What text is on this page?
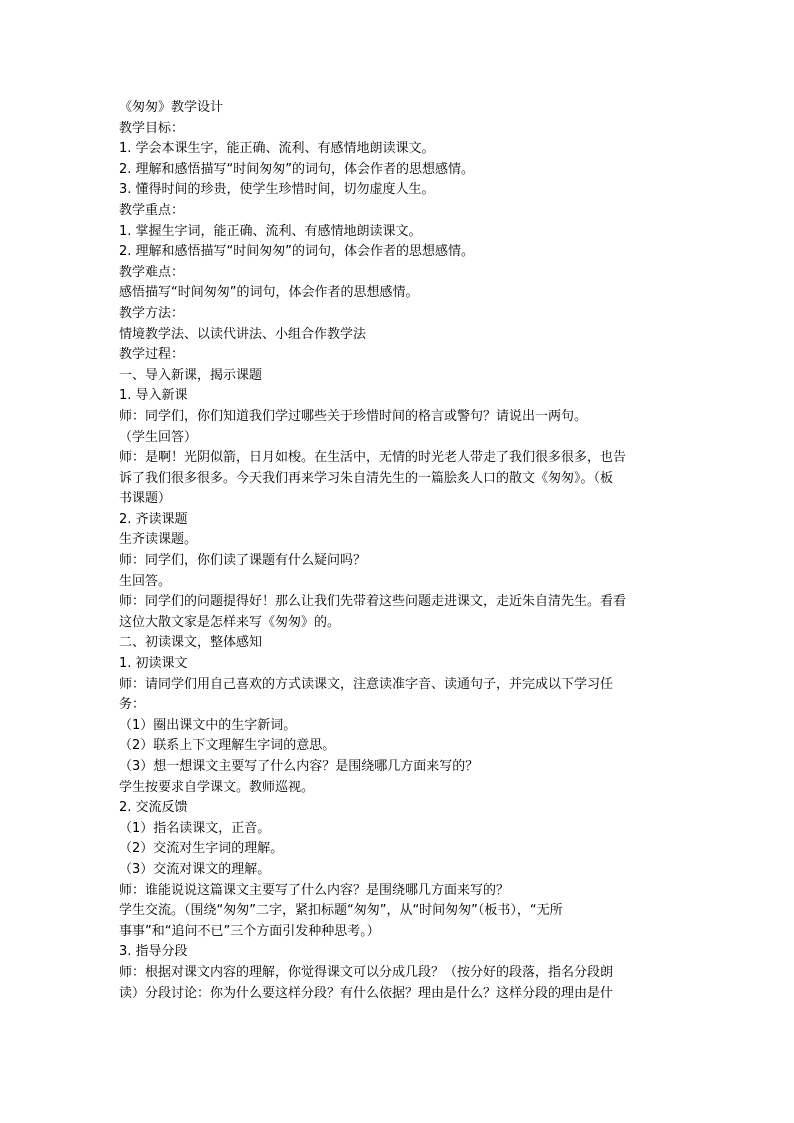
《匆匆》教学设计

教学目标：

1. 学会本课生字，能正确、流利、有感情地朗读课文。

2. 理解和感悟描写“时间匆匆”的词句，体会作者的思想感情。

3. 懂得时间的珍贵，使学生珍惜时间，切勿虚度人生。

教学重点：

1. 掌握生字词，能正确、流利、有感情地朗读课文。

2. 理解和感悟描写“时间匆匆”的词句，体会作者的思想感情。

教学难点：

感悟描写“时间匆匆”的词句，体会作者的思想感情。

教学方法：

情境教学法、以读代讲法、小组合作教学法

教学过程：

一、导入新课，揭示课题

1. 导入新课

师：同学们，你们知道我们学过哪些关于珍惜时间的格言或警句？请说出一两句。

（学生回答）

师：是啊！光阴似箭，日月如梭。在生活中，无情的时光老人带走了我们很多很多，也告

诉了我们很多很多。今天我们再来学习朱自清先生的一篇脍炙人口的散文《匆匆》。（板

书课题）

2. 齐读课题

生齐读课题。

师：同学们，你们读了课题有什么疑问吗？

生回答。

师：同学们的问题提得好！那么让我们先带着这些问题走进课文，走近朱自清先生。看看

这位大散文家是怎样来写《匆匆》的。

二、初读课文，整体感知

1. 初读课文

师：请同学们用自己喜欢的方式读课文，注意读准字音、读通句子，并完成以下学习任

务：

（1）圈出课文中的生字新词。

（2）联系上下文理解生字词的意思。

（3）想一想课文主要写了什么内容？是围绕哪几方面来写的？

学生按要求自学课文。教师巡视。

2. 交流反馈

（1）指名读课文，正音。

（2）交流对生字词的理解。

（3）交流对课文的理解。

师：谁能说说这篇课文主要写了什么内容？是围绕哪几方面来写的？

学生交流。（围绕“匆匆”二字，紧扣标题“匆匆”，从“时间匆匆”（板书），“无所

事事”和“追问不已”三个方面引发种种思考。）

3. 指导分段

师：根据对课文内容的理解，你觉得课文可以分成几段？（按分好的段落，指名分段朗

读）分段讨论：你为什么要这样分段？有什么依据？理由是什么？这样分段的理由是什
